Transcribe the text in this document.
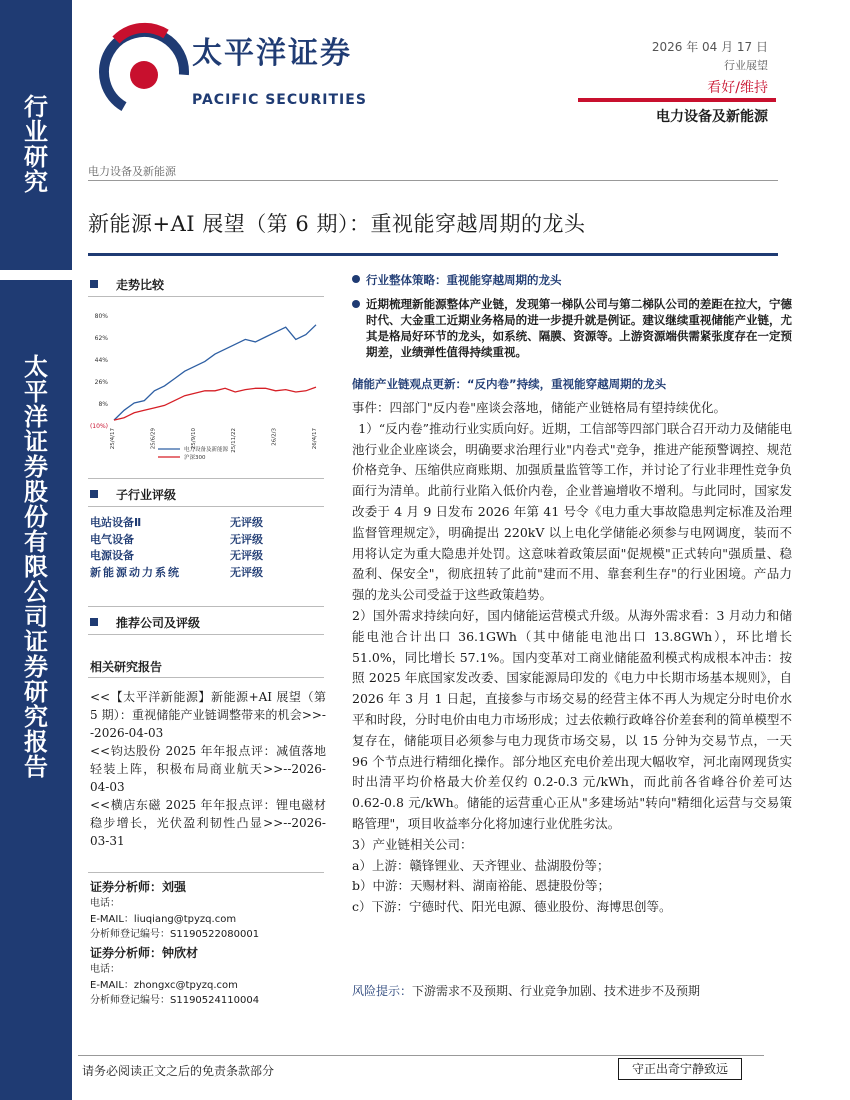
行
业
研
究
太
平
洋
证
券
股
份
有
限
公
司
证
券
研
究
报
告
太平洋证券
PACIFIC SECURITIES
2026 年 04 月 17 日
行业展望
看好/维持
电力设备及新能源
电力设备及新能源
新能源+AI 展望（第 6 期）：重视能穿越周期的龙头
走势比较
80%
62%
44%
26%
8%
(10%)
25/4/17	25/6/29	25/9/10	25/11/22	26/2/3	26/4/17
电力设备及新能源
沪深300
子行业评级
电站设备Ⅱ	无评级
电气设备	无评级
电源设备	无评级
新能源动力系统	无评级
推荐公司及评级
相关研究报告

<<【太平洋新能源】新能源+AI 展望（第 5 期）：重视储能产业链调整带来的机会>>--2026-04-03

<<钧达股份 2025 年年报点评：减值落地轻装上阵，积极布局商业航天>>--2026-04-03

<<横店东磁 2025 年年报点评：锂电磁材稳步增长，光伏盈利韧性凸显>>--2026-03-31

证券分析师：刘强
电话：
E-MAIL：liuqiang@tpyzq.com
分析师登记编号：S1190522080001
证券分析师：钟欣材
电话：
E-MAIL：zhongxc@tpyzq.com
分析师登记编号：S1190524110004
行业整体策略：重视能穿越周期的龙头
近期梳理新能源整体产业链，发现第一梯队公司与第二梯队公司的差距在拉大，宁德时代、大金重工近期业务格局的进一步提升就是例证。建议继续重视储能产业链，尤其是格局好环节的龙头，如系统、隔膜、资源等。上游资源端供需紧张度存在一定预期差，业绩弹性值得持续重视。
储能产业链观点更新：“反内卷”持续，重视能穿越周期的龙头

事件：四部门"反内卷"座谈会落地，储能产业链格局有望持续优化。

1）“反内卷”推动行业实质向好。近期，工信部等四部门联合召开动力及储能电池行业企业座谈会，明确要求治理行业"内卷式"竞争，推进产能预警调控、规范价格竞争、压缩供应商账期、加强质量监管等工作，并讨论了行业非理性竞争负面行为清单。此前行业陷入低价内卷，企业普遍增收不增利。与此同时，国家发改委于 4 月 9 日发布 2026 年第 41 号令《电力重大事故隐患判定标准及治理监督管理规定》，明确提出 220kV 以上电化学储能必须参与电网调度，装而不用将认定为重大隐患并处罚。这意味着政策层面"促规模"正式转向"强质量、稳盈利、保安全"，彻底扭转了此前"建而不用、靠套利生存"的行业困境。产品力强的龙头公司受益于这些政策趋势。

2）国外需求持续向好，国内储能运营模式升级。从海外需求看：3 月动力和储能电池合计出口 36.1GWh（其中储能电池出口 13.8GWh），环比增长 51.0%，同比增长 57.1%。国内变革对工商业储能盈利模式构成根本冲击：按照 2025 年底国家发改委、国家能源局印发的《电力中长期市场基本规则》，自 2026 年 3 月 1 日起，直接参与市场交易的经营主体不再人为规定分时电价水平和时段，分时电价由电力市场形成；过去依赖行政峰谷价差套利的简单模型不复存在，储能项目必须参与电力现货市场交易，以 15 分钟为交易节点，一天 96 个节点进行精细化操作。部分地区充电价差出现大幅收窄，河北南网现货实时出清平均价格最大价差仅约 0.2-0.3 元/kWh，而此前各省峰谷价差可达 0.62-0.8 元/kWh。储能的运营重心正从"多建场站"转向"精细化运营与交易策略管理"，项目收益率分化将加速行业优胜劣汰。

3）产业链相关公司：

a）上游：赣锋锂业、天齐锂业、盐湖股份等；

b）中游：天赐材料、湖南裕能、恩捷股份等；

c）下游：宁德时代、阳光电源、德业股份、海博思创等。

风险提示：下游需求不及预期、行业竞争加剧、技术进步不及预期
请务必阅读正文之后的免责条款部分	守正出奇宁静致远
